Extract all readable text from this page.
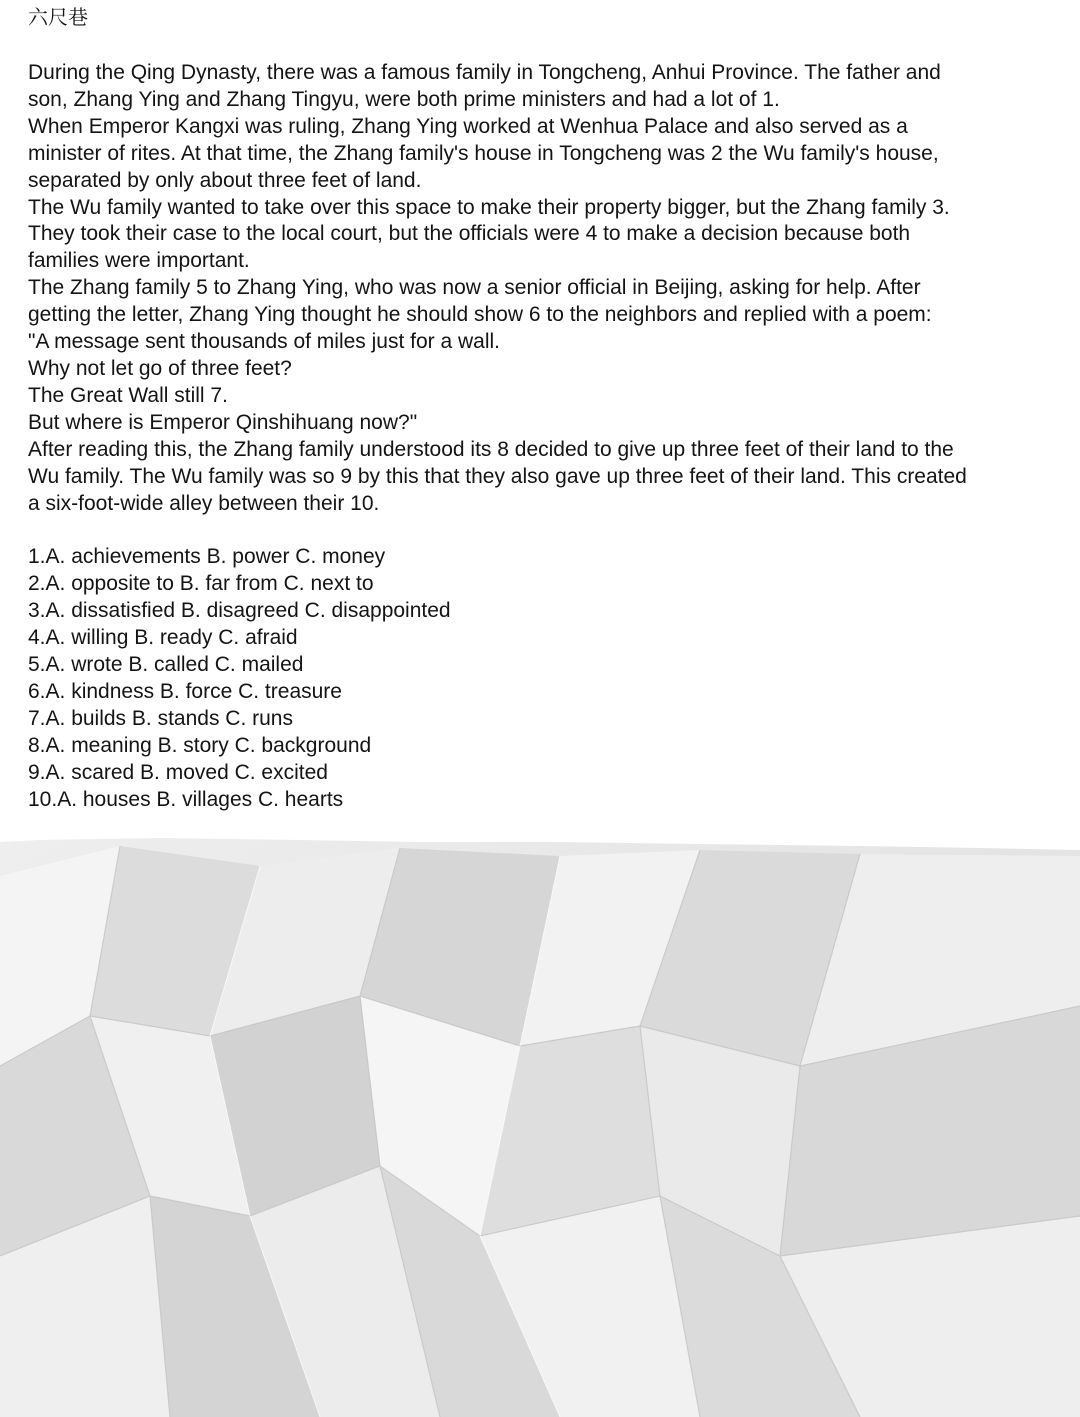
六尺巷
During the Qing Dynasty, there was a famous family in Tongcheng, Anhui Province. The father and
son, Zhang Ying and Zhang Tingyu, were both prime ministers and had a lot of 1.
When Emperor Kangxi was ruling, Zhang Ying worked at Wenhua Palace and also served as a
minister of rites. At that time, the Zhang family's house in Tongcheng was 2 the Wu family's house,
separated by only about three feet of land.
The Wu family wanted to take over this space to make their property bigger, but the Zhang family 3.
They took their case to the local court, but the officials were 4 to make a decision because both
families were important.
The Zhang family 5 to Zhang Ying, who was now a senior official in Beijing, asking for help. After
getting the letter, Zhang Ying thought he should show 6 to the neighbors and replied with a poem:
"A message sent thousands of miles just for a wall.
Why not let go of three feet?
The Great Wall still 7.
But where is Emperor Qinshihuang now?"
After reading this, the Zhang family understood its 8 decided to give up three feet of their land to the
Wu family. The Wu family was so 9 by this that they also gave up three feet of their land. This created
a six-foot-wide alley between their 10.
1.A. achievements B. power C. money
2.A. opposite to B. far from C. next to
3.A. dissatisfied B. disagreed C. disappointed
4.A. willing B. ready C. afraid
5.A. wrote B. called C. mailed
6.A. kindness B. force C. treasure
7.A. builds B. stands C. runs
8.A. meaning B. story C. background
9.A. scared B. moved C. excited
10.A. houses B. villages C. hearts
